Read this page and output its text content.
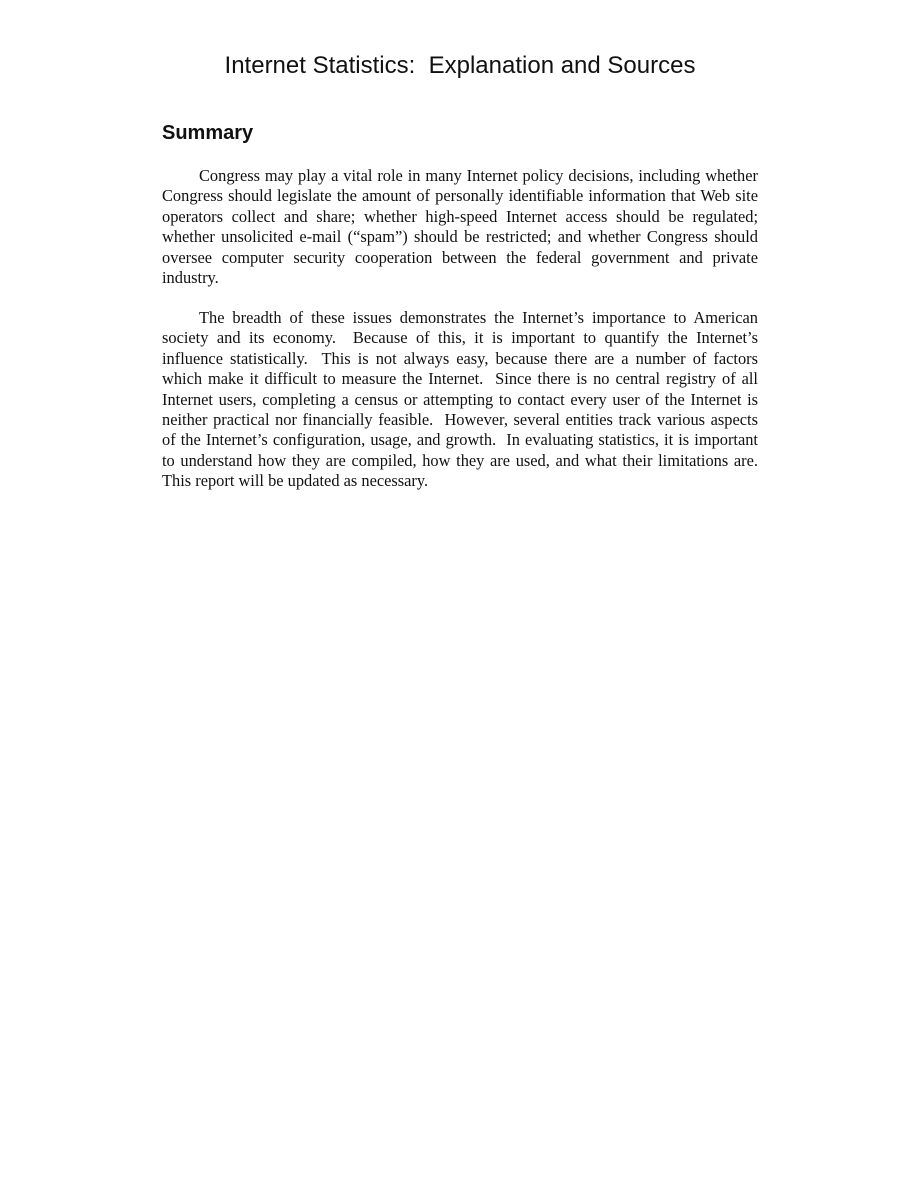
Internet Statistics:  Explanation and Sources
Summary

Congress may play a vital role in many Internet policy decisions, including whether Congress should legislate the amount of personally identifiable information that Web site operators collect and share; whether high-speed Internet access should be regulated;  whether unsolicited e-mail (“spam”) should be restricted; and whether Congress should oversee computer security cooperation between the federal government and private industry.

The breadth of these issues demonstrates the Internet’s importance to American society and its economy.  Because of this, it is important to quantify the Internet’s influence statistically.  This is not always easy, because there are a number of factors which make it difficult to measure the Internet.  Since there is no central registry of all Internet users, completing a census or attempting to contact every user of the Internet is neither practical nor financially feasible.  However, several entities track various aspects of the Internet’s configuration, usage, and growth.  In evaluating statistics, it is important to understand how they are compiled, how they are used, and what their limitations are.  This report will be updated as necessary.
